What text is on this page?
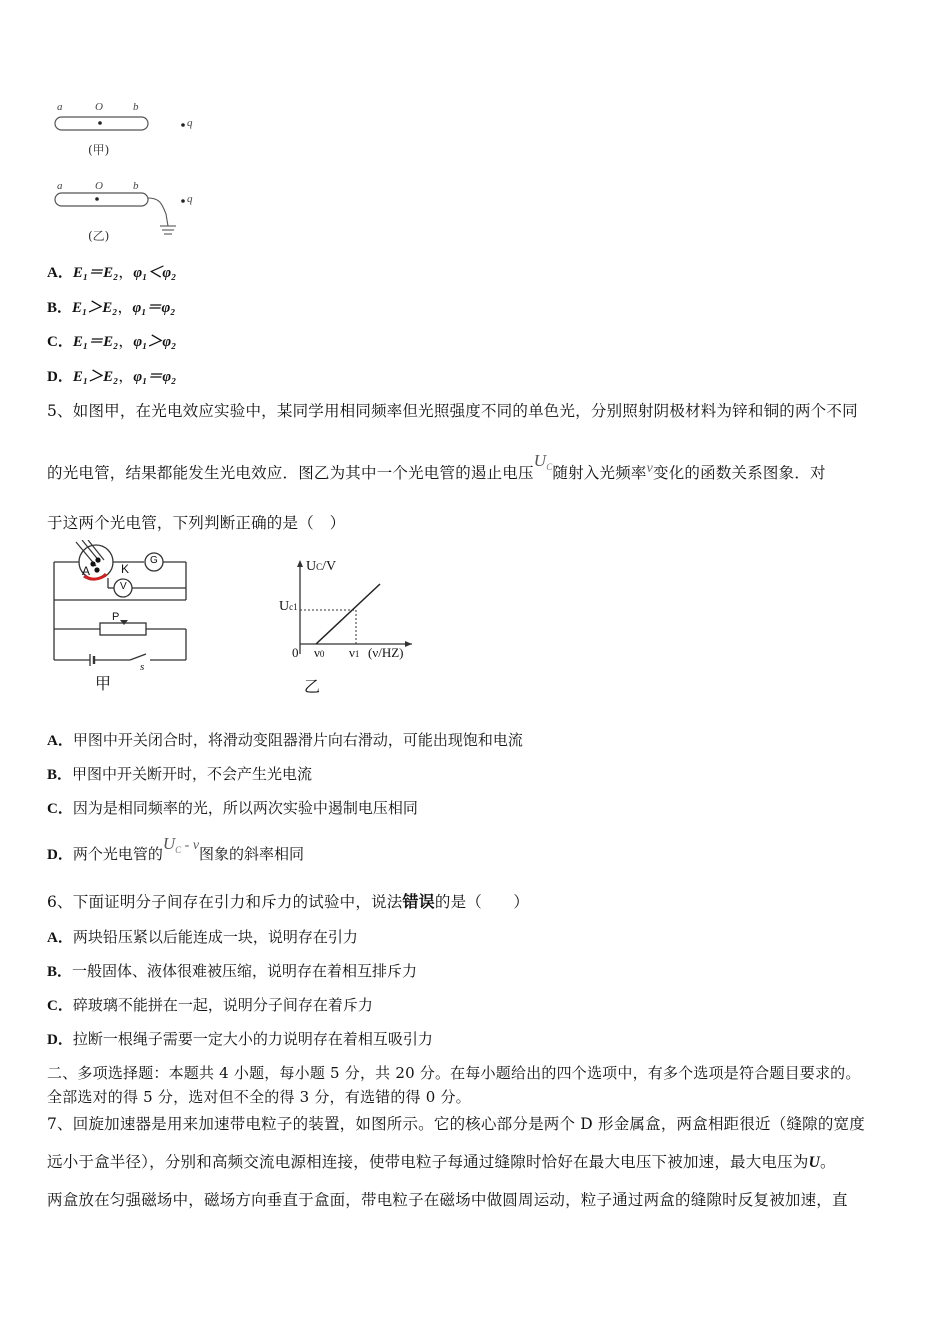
a	O	b
q
(甲)
a	O	b
q
(乙)
A．E₁＝E₂，φ₁＜φ₂
B．E₁＞E₂，φ₁＝φ₂
C．E₁＝E₂，φ₁＞φ₂
D．E₁＞E₂，φ₁＝φ₂
5、如图甲，在光电效应实验中，某同学用相同频率但光照强度不同的单色光，分别照射阴极材料为锌和铜的两个不同
的光电管，结果都能发生光电效应．图乙为其中一个光电管的遏止电压$U^C$随射入光频率ν变化的函数关系图象．对
于这两个光电管，下列判断正确的是（　）
A	K
G
V
P
s
甲
UC/V
Uc1
0 ν0 ν1 (ν/HZ)
乙
A．甲图中开关闭合时，将滑动变阻器滑片向右滑动，可能出现饱和电流
B．甲图中开关断开时，不会产生光电流
C．因为是相同频率的光，所以两次实验中遏制电压相同
D．两个光电管的$U^C$ - ν图象的斜率相同
6、下面证明分子间存在引力和斥力的试验中，说法错误的是（　　）
A．两块铅压紧以后能连成一块，说明存在引力
B．一般固体、液体很难被压缩，说明存在着相互排斥力
C．碎玻璃不能拼在一起，说明分子间存在着斥力
D．拉断一根绳子需要一定大小的力说明存在着相互吸引力
二、多项选择题：本题共 4 小题，每小题 5 分，共 20 分。在每小题给出的四个选项中，有多个选项是符合题目要求的。
全部选对的得 5 分，选对但不全的得 3 分，有选错的得 0 分。
7、回旋加速器是用来加速带电粒子的装置，如图所示。它的核心部分是两个 D 形金属盒，两盒相距很近（缝隙的宽度
远小于盒半径），分别和高频交流电源相连接，使带电粒子每通过缝隙时恰好在最大电压下被加速，最大电压为U。
两盒放在匀强磁场中，磁场方向垂直于盒面，带电粒子在磁场中做圆周运动，粒子通过两盒的缝隙时反复被加速，直
